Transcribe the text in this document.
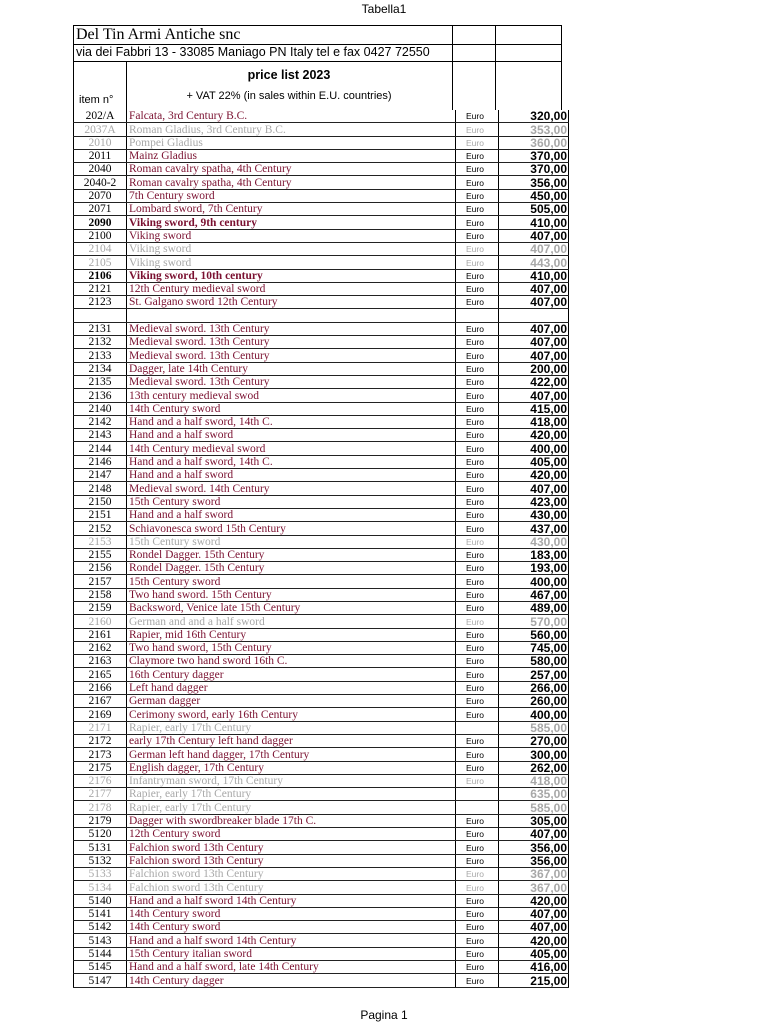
Tabella1
Del Tin Armi Antiche snc
via dei Fabbri 13 - 33085 Maniago PN Italy tel e fax 0427 72550
price list 2023
item n°	+ VAT 22% (in sales within E.U. countries)
202/A	Falcata, 3rd Century B.C.	Euro	320,00
2037A	Roman Gladius, 3rd Century B.C.	Euro	353,00
2010	Pompei Gladius	Euro	360,00
2011	Mainz Gladius	Euro	370,00
2040	Roman cavalry spatha, 4th Century	Euro	370,00
2040-2	Roman cavalry spatha, 4th Century	Euro	356,00
2070	7th Century sword	Euro	450,00
2071	Lombard sword, 7th Century	Euro	505,00
2090	Viking sword, 9th century	Euro	410,00
2100	Viking sword	Euro	407,00
2104	Viking sword	Euro	407,00
2105	Viking sword	Euro	443,00
2106	Viking sword, 10th century	Euro	410,00
2121	12th Century medieval sword	Euro	407,00
2123	St. Galgano sword 12th Century	Euro	407,00

2131	Medieval sword. 13th Century	Euro	407,00
2132	Medieval sword. 13th Century	Euro	407,00
2133	Medieval sword. 13th Century	Euro	407,00
2134	Dagger, late 14th Century	Euro	200,00
2135	Medieval sword. 13th Century	Euro	422,00
2136	13th century medieval swod	Euro	407,00
2140	14th Century sword	Euro	415,00
2142	Hand and a half sword, 14th C.	Euro	418,00
2143	Hand and a half sword	Euro	420,00
2144	14th Century medieval sword	Euro	400,00
2146	Hand and a half sword, 14th C.	Euro	405,00
2147	Hand and a half sword	Euro	420,00
2148	Medieval sword. 14th Century	Euro	407,00
2150	15th Century sword	Euro	423,00
2151	Hand and a half sword	Euro	430,00
2152	Schiavonesca sword 15th Century	Euro	437,00
2153	15th Century sword	Euro	430,00
2155	Rondel Dagger. 15th Century	Euro	183,00
2156	Rondel Dagger. 15th Century	Euro	193,00
2157	15th Century sword	Euro	400,00
2158	Two hand sword. 15th Century	Euro	467,00
2159	Backsword, Venice late 15th Century	Euro	489,00
2160	German and and a half sword	Euro	570,00
2161	Rapier, mid 16th Century	Euro	560,00
2162	Two hand sword, 15th Century	Euro	745,00
2163	Claymore two hand sword 16th C.	Euro	580,00
2165	16th Century dagger	Euro	257,00
2166	Left hand dagger	Euro	266,00
2167	German dagger	Euro	260,00
2169	Cerimony sword, early 16th Century	Euro	400,00
2171	Rapier, early 17th Century		585,00
2172	early 17th Century left hand dagger	Euro	270,00
2173	German left hand dagger, 17th Century	Euro	300,00
2175	English dagger, 17th Century	Euro	262,00
2176	Infantryman sword, 17th Century	Euro	418,00
2177	Rapier, early 17th Century		635,00
2178	Rapier, early 17th Century		585,00
2179	Dagger with swordbreaker blade 17th C.	Euro	305,00
5120	12th Century sword	Euro	407,00
5131	Falchion sword 13th Century	Euro	356,00
5132	Falchion sword 13th Century	Euro	356,00
5133	Falchion sword 13th Century	Euro	367,00
5134	Falchion sword 13th Century	Euro	367,00
5140	Hand and a half sword 14th Century	Euro	420,00
5141	14th Century sword	Euro	407,00
5142	14th Century sword	Euro	407,00
5143	Hand and a half sword 14th Century	Euro	420,00
5144	15th Century italian sword	Euro	405,00
5145	Hand and a half sword, late 14th Century	Euro	416,00
5147	14th Century dagger	Euro	215,00
Pagina 1
